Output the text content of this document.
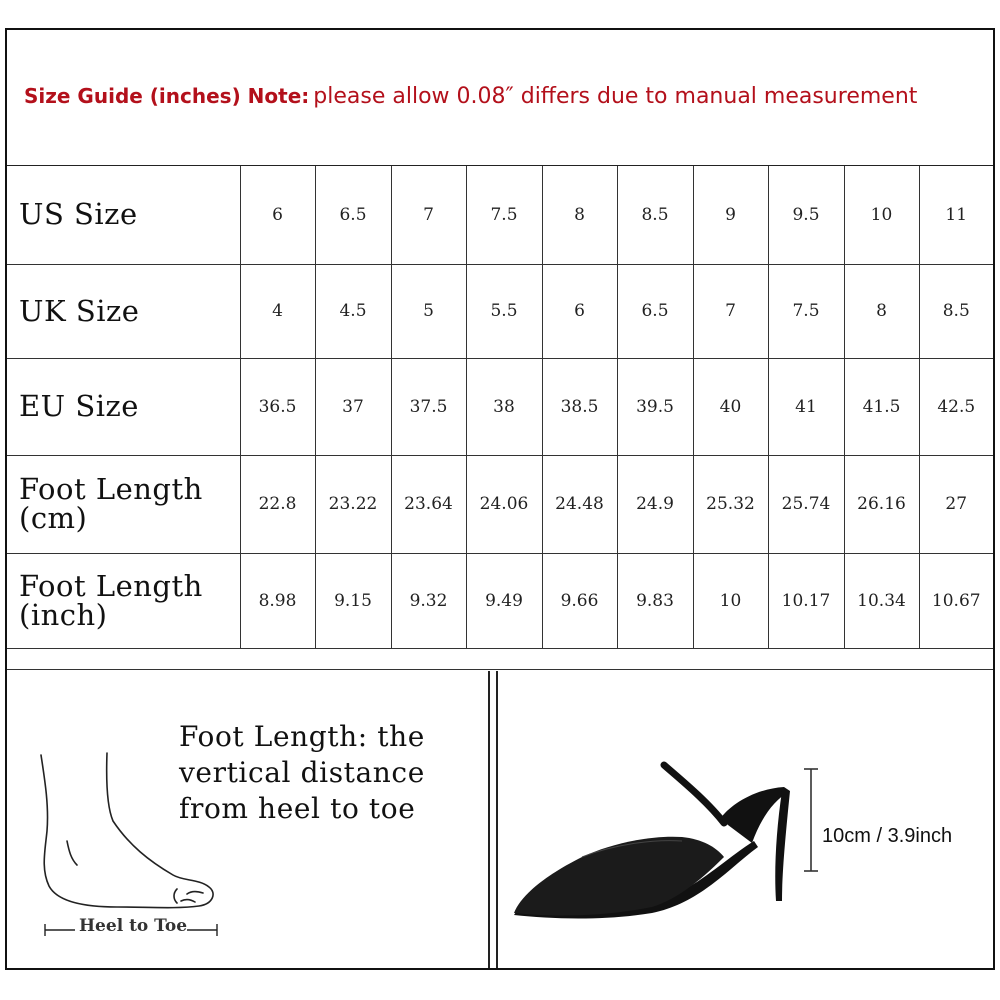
Size Guide (inches) Note: please allow 0.08″ differs due to manual measurement
US Size	6	6.5	7	7.5	8	8.5	9	9.5	10	11
UK Size	4	4.5	5	5.5	6	6.5	7	7.5	8	8.5
EU Size	36.5	37	37.5	38	38.5	39.5	40	41	41.5	42.5
Foot Length (cm)	22.8	23.22	23.64	24.06	24.48	24.9	25.32	25.74	26.16	27
Foot Length (inch)	8.98	9.15	9.32	9.49	9.66	9.83	10	10.17	10.34	10.67
Foot Length: the
vertical distance
from heel to toe
Heel to Toe
10cm / 3.9inch
